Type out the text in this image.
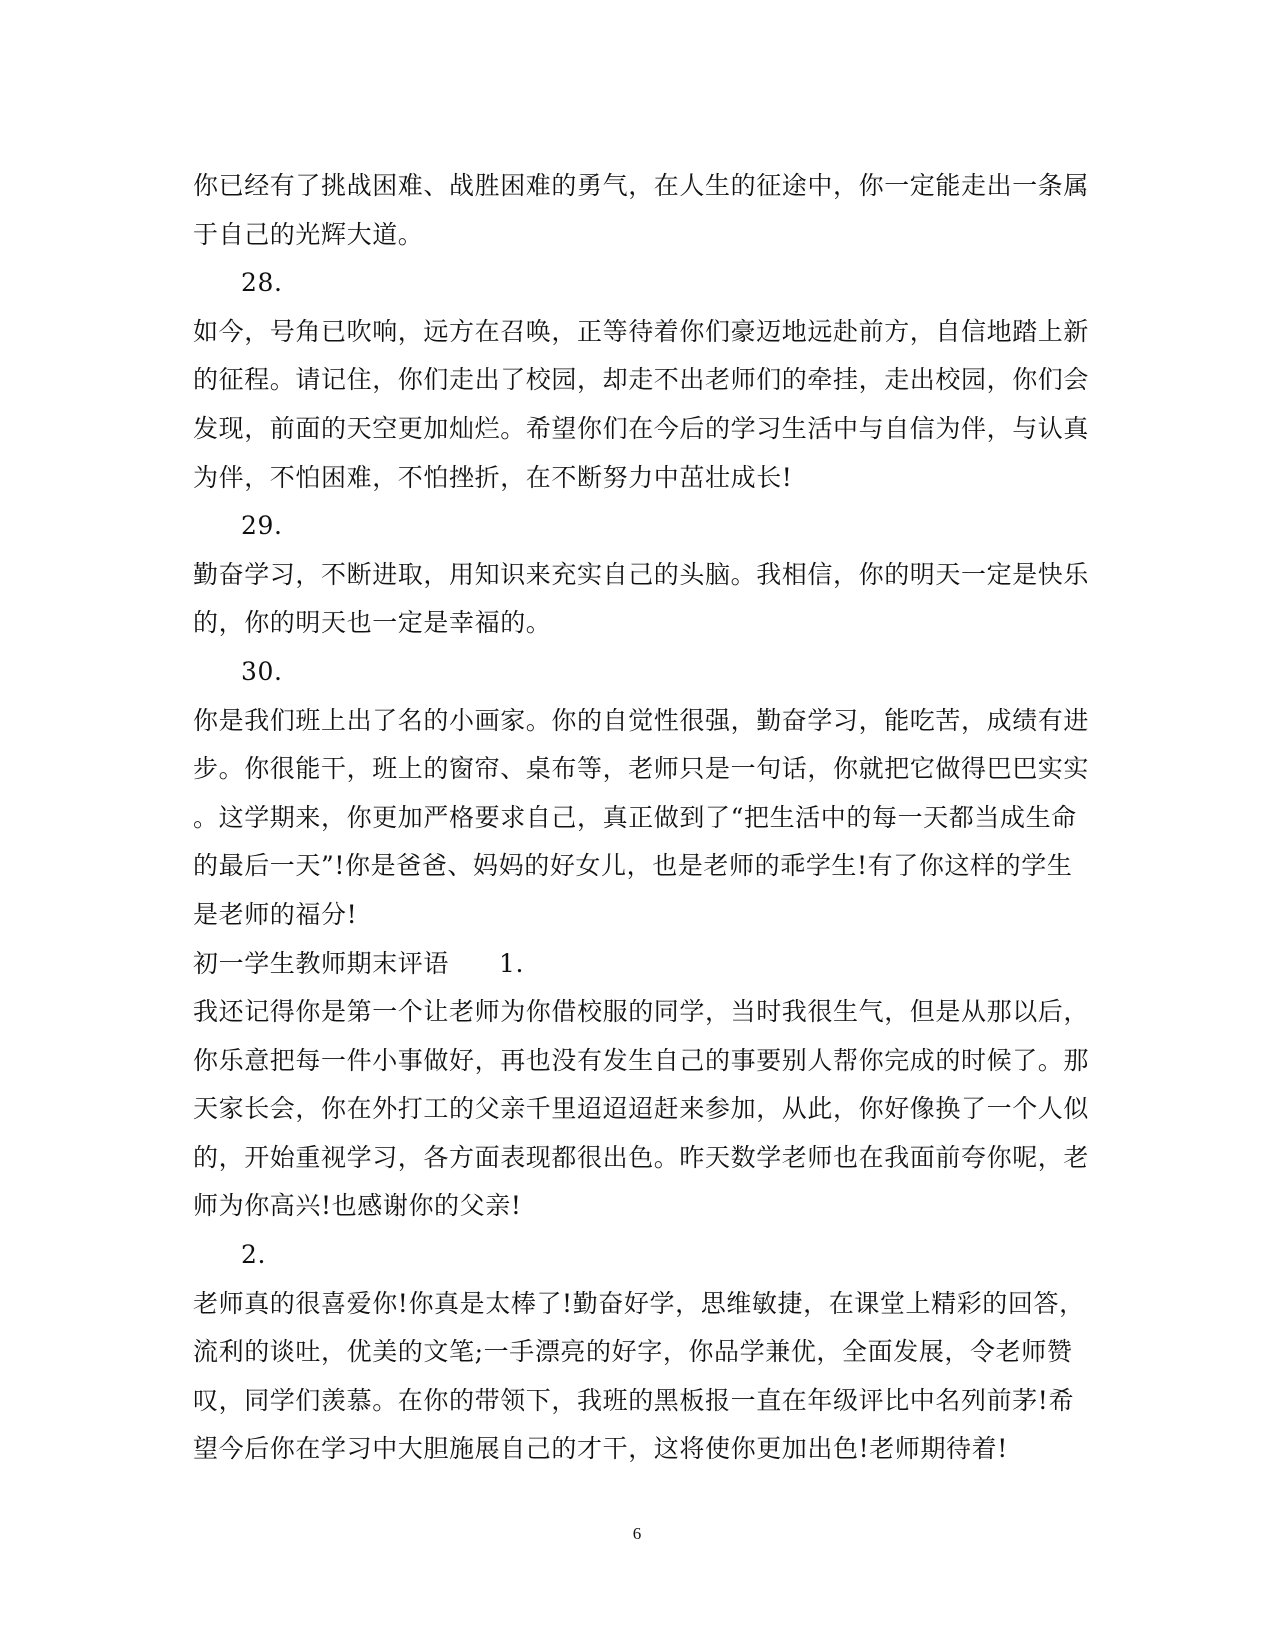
你已经有了挑战困难、战胜困难的勇气，在人生的征途中，你一定能走出一条属
于自己的光辉大道。
28.
如今，号角已吹响，远方在召唤，正等待着你们豪迈地远赴前方，自信地踏上新
的征程。请记住，你们走出了校园，却走不出老师们的牵挂，走出校园，你们会
发现，前面的天空更加灿烂。希望你们在今后的学习生活中与自信为伴，与认真
为伴，不怕困难，不怕挫折，在不断努力中茁壮成长!
29.
勤奋学习，不断进取，用知识来充实自己的头脑。我相信，你的明天一定是快乐
的，你的明天也一定是幸福的。
30.
你是我们班上出了名的小画家。你的自觉性很强，勤奋学习，能吃苦，成绩有进
步。你很能干，班上的窗帘、桌布等，老师只是一句话，你就把它做得巴巴实实
。这学期来，你更加严格要求自己，真正做到了“把生活中的每一天都当成生命
的最后一天”!你是爸爸、妈妈的好女儿，也是老师的乖学生!有了你这样的学生
是老师的福分!
初一学生教师期末评语 1.
我还记得你是第一个让老师为你借校服的同学，当时我很生气，但是从那以后，
你乐意把每一件小事做好，再也没有发生自己的事要别人帮你完成的时候了。那
天家长会，你在外打工的父亲千里迢迢迢赶来参加，从此，你好像换了一个人似
的，开始重视学习，各方面表现都很出色。昨天数学老师也在我面前夸你呢，老
师为你高兴!也感谢你的父亲!
2.
老师真的很喜爱你!你真是太棒了!勤奋好学，思维敏捷，在课堂上精彩的回答，
流利的谈吐，优美的文笔;一手漂亮的好字，你品学兼优，全面发展，令老师赞
叹，同学们羡慕。在你的带领下，我班的黑板报一直在年级评比中名列前茅!希
望今后你在学习中大胆施展自己的才干，这将使你更加出色!老师期待着!
6
